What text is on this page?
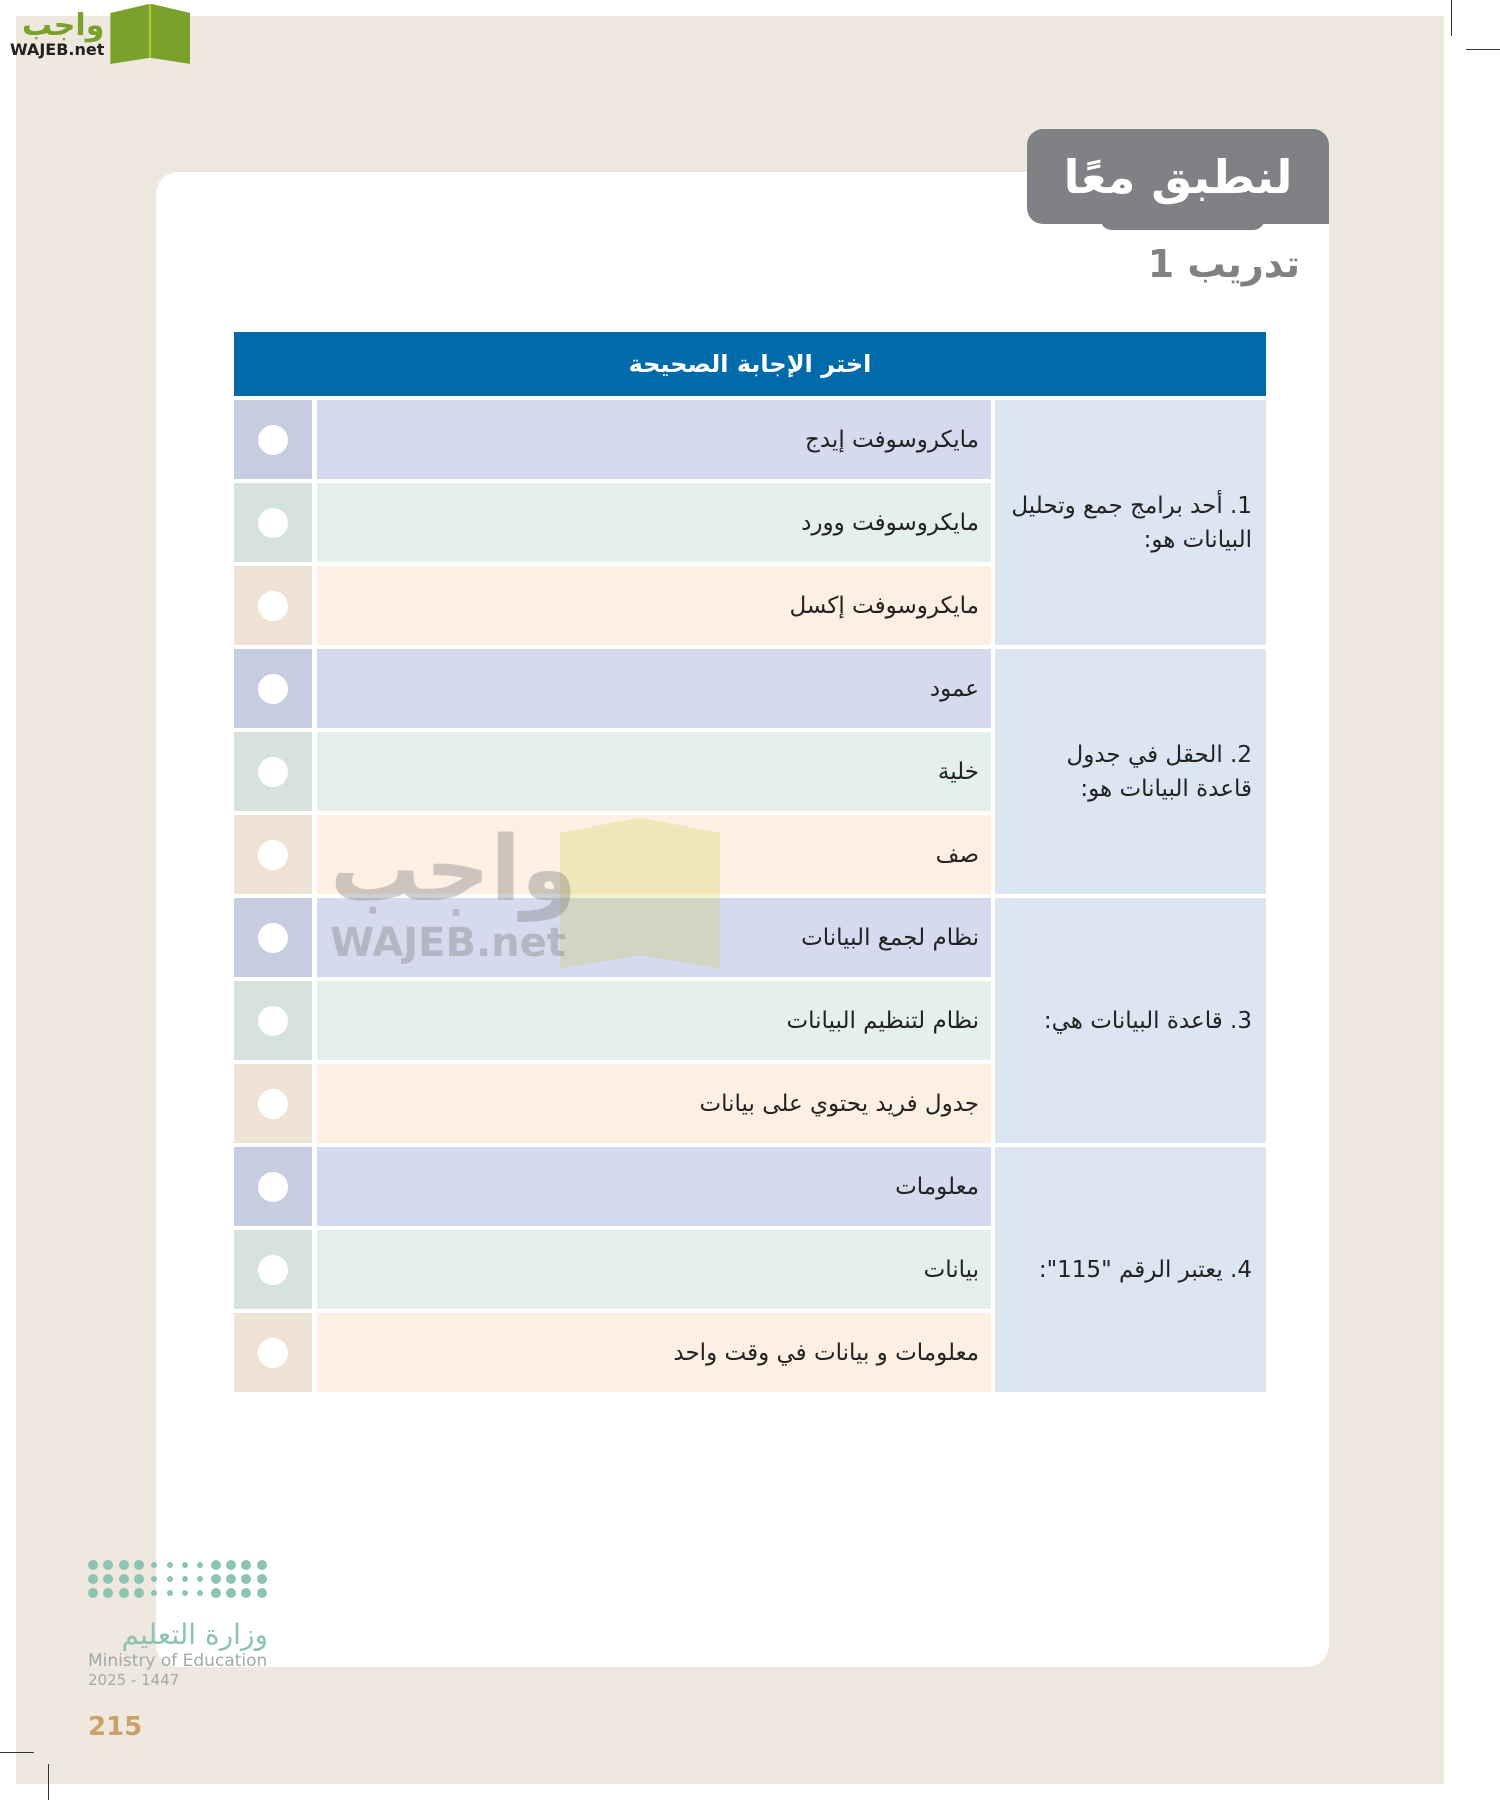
واجب
WAJEB.net
لنطبق معًا
تدريب 1
اختر الإجابة الصحيحة
مايكروسوفت إيدج
مايكروسوفت وورد
مايكروسوفت إكسل
1. أحد برامج جمع وتحليل البيانات هو:
عمود
خلية
صف
2. الحقل في جدول قاعدة البيانات هو:
نظام لجمع البيانات
نظام لتنظيم البيانات
جدول فريد يحتوي على بيانات
3. قاعدة البيانات هي:
معلومات
بيانات
معلومات و بيانات في وقت واحد
4. يعتبر الرقم "115":
واجب
WAJEB.net
وزارة التعليم
Ministry of Education
2025 - 1447
215
